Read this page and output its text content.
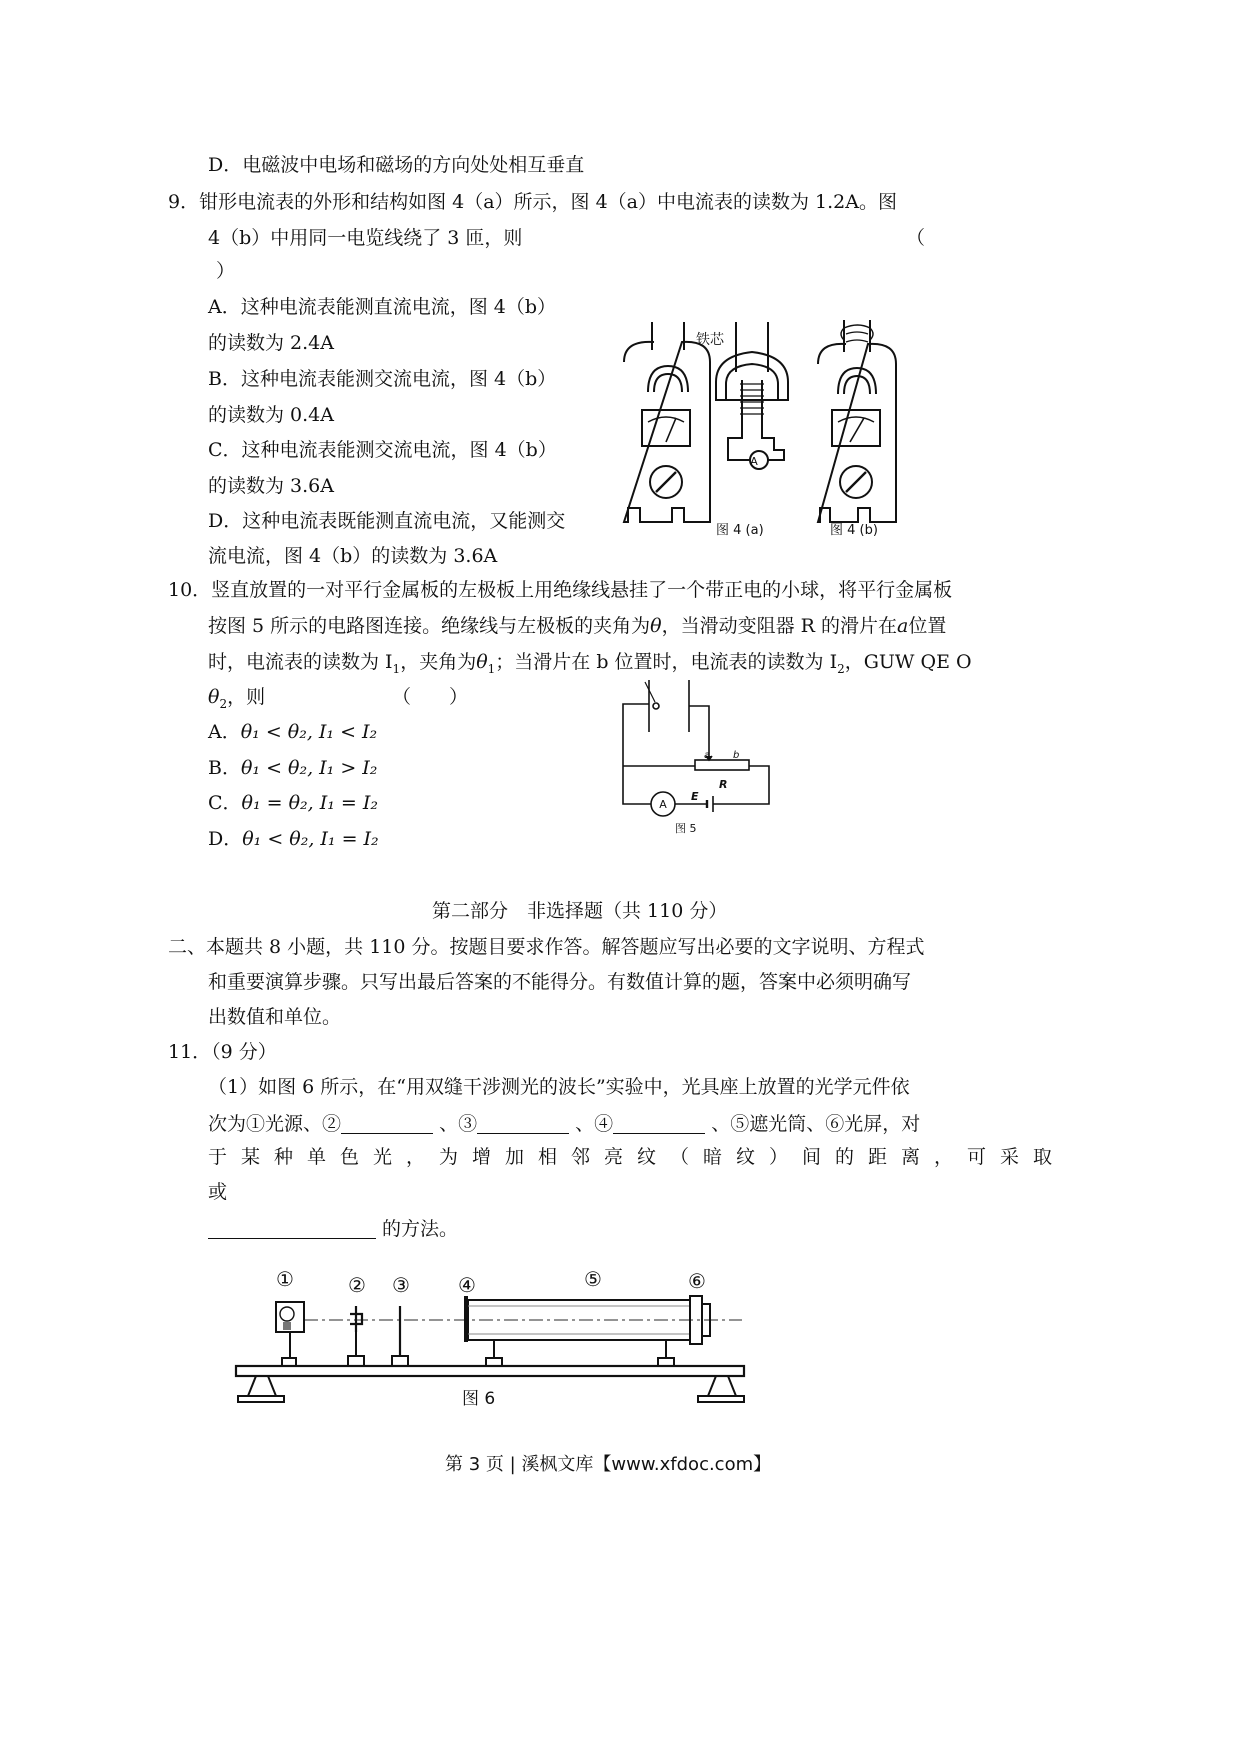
D．电磁波中电场和磁场的方向处处相互垂直
9．钳形电流表的外形和结构如图 4（a）所示，图 4（a）中电流表的读数为 1.2A。图
4（b）中用同一电览线绕了 3 匝，则	（
）
A．这种电流表能测直流电流，图 4（b）
的读数为 2.4A
B．这种电流表能测交流电流，图 4（b）
的读数为 0.4A
C．这种电流表能测交流电流，图 4（b）
的读数为 3.6A
D．这种电流表既能测直流电流，又能测交
流电流，图 4（b）的读数为 3.6A
铁芯
A
图 4 (a)	图 4 (b)
10．竖直放置的一对平行金属板的左极板上用绝缘线悬挂了一个带正电的小球，将平行金属板
按图 5 所示的电路图连接。绝缘线与左极板的夹角为θ，当滑动变阻器 R 的滑片在a位置
时，电流表的读数为 $I_1$，夹角为$\theta_1$；当滑片在 b 位置时，电流表的读数为 $I_2$，GUW QE O
$\theta_2$，则	（　　）
A．θ₁ < θ₂, I₁ < I₂
B．θ₁ < θ₂, I₁ > I₂
C．θ₁ = θ₂, I₁ = I₂
D．θ₁ < θ₂, I₁ = I₂
a b
R
E
A
图 5
第二部分　非选择题（共 110 分）
二、本题共 8 小题，共 110 分。按题目要求作答。解答题应写出必要的文字说明、方程式
和重要演算步骤。只写出最后答案的不能得分。有数值计算的题，答案中必须明确写
出数值和单位。
11．（9 分）
（1）如图 6 所示，在“用双缝干涉测光的波长”实验中，光具座上放置的光学元件依
次为①光源、②	、③	、④	、⑤遮光筒、⑥光屏，对
于某种单色光，为增加相邻亮纹（暗纹）间的距离，可采取
或
的方法。
①	② ③ ④	⑤	⑥
图 6
第 3 页 | 溪枫文库【www.xfdoc.com】
